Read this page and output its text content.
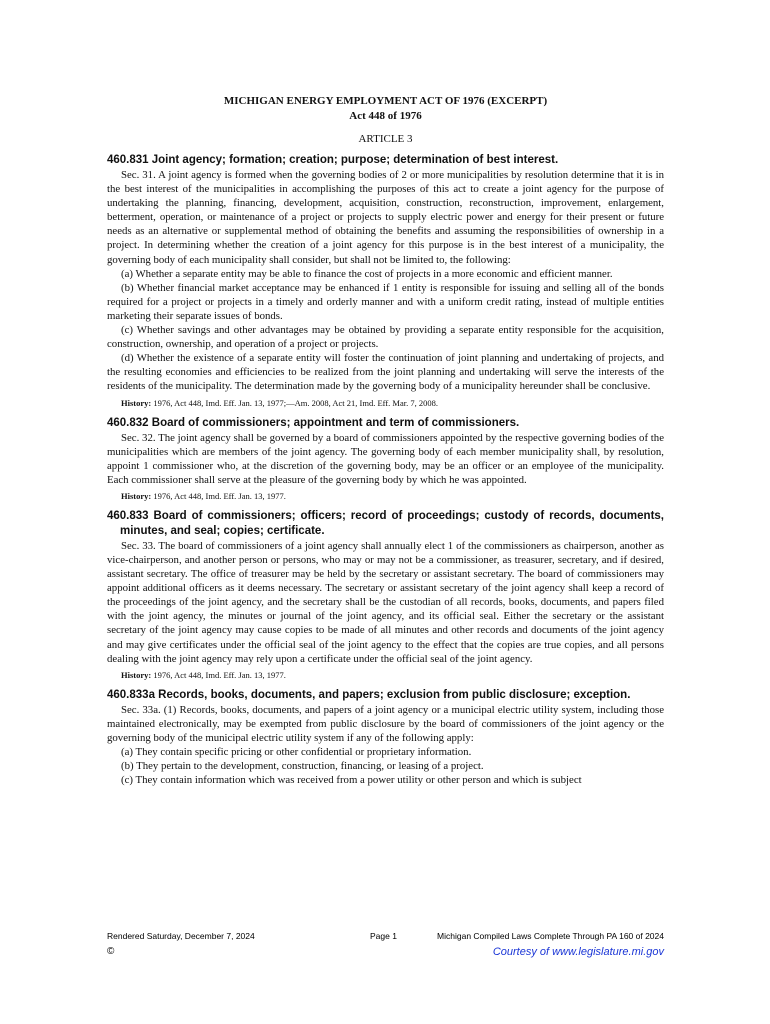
MICHIGAN ENERGY EMPLOYMENT ACT OF 1976 (EXCERPT)
Act 448 of 1976
ARTICLE 3
460.831 Joint agency; formation; creation; purpose; determination of best interest.

Sec. 31. A joint agency is formed when the governing bodies of 2 or more municipalities by resolution determine that it is in the best interest of the municipalities in accomplishing the purposes of this act to create a joint agency for the purpose of undertaking the planning, financing, development, acquisition, construction, reconstruction, improvement, enlargement, betterment, operation, or maintenance of a project or projects to supply electric power and energy for their present or future needs as an alternative or supplemental method of obtaining the benefits and assuming the responsibilities of ownership in a project. In determining whether the creation of a joint agency for this purpose is in the best interest of a municipality, the governing body of each municipality shall consider, but shall not be limited to, the following:

(a) Whether a separate entity may be able to finance the cost of projects in a more economic and efficient manner.

(b) Whether financial market acceptance may be enhanced if 1 entity is responsible for issuing and selling all of the bonds required for a project or projects in a timely and orderly manner and with a uniform credit rating, instead of multiple entities marketing their separate issues of bonds.

(c) Whether savings and other advantages may be obtained by providing a separate entity responsible for the acquisition, construction, ownership, and operation of a project or projects.

(d) Whether the existence of a separate entity will foster the continuation of joint planning and undertaking of projects, and the resulting economies and efficiencies to be realized from the joint planning and undertaking will serve the interests of the residents of the municipality. The determination made by the governing body of a municipality hereunder shall be conclusive.

History: 1976, Act 448, Imd. Eff. Jan. 13, 1977;—Am. 2008, Act 21, Imd. Eff. Mar. 7, 2008.
460.832 Board of commissioners; appointment and term of commissioners.

Sec. 32. The joint agency shall be governed by a board of commissioners appointed by the respective governing bodies of the municipalities which are members of the joint agency. The governing body of each member municipality shall, by resolution, appoint 1 commissioner who, at the discretion of the governing body, may be an officer or an employee of the municipality. Each commissioner shall serve at the pleasure of the governing body by which he was appointed.

History: 1976, Act 448, Imd. Eff. Jan. 13, 1977.
460.833 Board of commissioners; officers; record of proceedings; custody of records, documents, minutes, and seal; copies; certificate.

Sec. 33. The board of commissioners of a joint agency shall annually elect 1 of the commissioners as chairperson, another as vice-chairperson, and another person or persons, who may or may not be a commissioner, as treasurer, secretary, and if desired, assistant secretary. The office of treasurer may be held by the secretary or assistant secretary. The board of commissioners may appoint additional officers as it deems necessary. The secretary or assistant secretary of the joint agency shall keep a record of the proceedings of the joint agency, and the secretary shall be the custodian of all records, books, documents, and papers filed with the joint agency, the minutes or journal of the joint agency, and its official seal. Either the secretary or the assistant secretary of the joint agency may cause copies to be made of all minutes and other records and documents of the joint agency and may give certificates under the official seal of the joint agency to the effect that the copies are true copies, and all persons dealing with the joint agency may rely upon a certificate under the official seal of the joint agency.

History: 1976, Act 448, Imd. Eff. Jan. 13, 1977.
460.833a Records, books, documents, and papers; exclusion from public disclosure; exception.

Sec. 33a. (1) Records, books, documents, and papers of a joint agency or a municipal electric utility system, including those maintained electronically, may be exempted from public disclosure by the board of commissioners of the joint agency or the governing body of the municipal electric utility system if any of the following apply:

(a) They contain specific pricing or other confidential or proprietary information.

(b) They pertain to the development, construction, financing, or leasing of a project.

(c) They contain information which was received from a power utility or other person and which is subject

Rendered Saturday, December 7, 2024	Page 1	Michigan Compiled Laws Complete Through PA 160 of 2024
©	Courtesy of www.legislature.mi.gov
